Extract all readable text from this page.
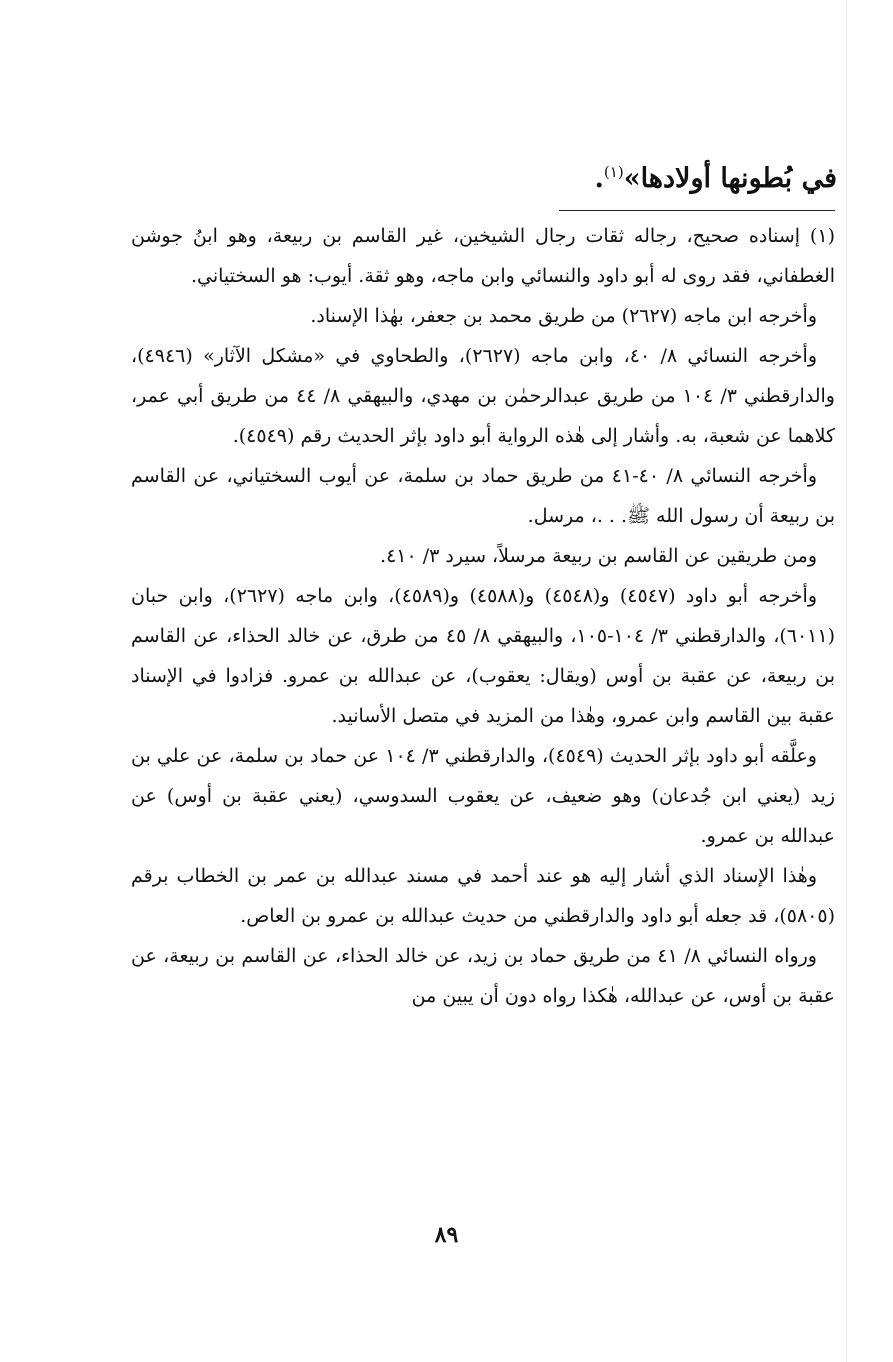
في بُطونها أولادها»$^{(١)}$.

(١) إسناده صحيح، رجاله ثقات رجال الشيخين، غير القاسم بن ربيعة، وهو ابنُ جوشن الغطفاني، فقد روى له أبو داود والنسائي وابن ماجه، وهو ثقة. أيوب: هو السختياني.

وأخرجه ابن ماجه (٢٦٢٧) من طريق محمد بن جعفر، بهٰذا الإسناد.

وأخرجه النسائي ٨/ ٤٠، وابن ماجه (٢٦٢٧)، والطحاوي في «مشكل الآثار» (٤٩٤٦)، والدارقطني ٣/ ١٠٤ من طريق عبدالرحمٰن بن مهدي، والبيهقي ٨/ ٤٤ من طريق أبي عمر، كلاهما عن شعبة، به. وأشار إلى هٰذه الرواية أبو داود بإثر الحديث رقم (٤٥٤٩).

وأخرجه النسائي ٨/ ٤٠-٤١ من طريق حماد بن سلمة، عن أيوب السختياني، عن القاسم بن ربيعة أن رسول الله ﷺ. . .، مرسل.

ومن طريقين عن القاسم بن ربيعة مرسلاً، سيرد ٣/ ٤١٠.

وأخرجه أبو داود (٤٥٤٧) و(٤٥٤٨) و(٤٥٨٨) و(٤٥٨٩)، وابن ماجه (٢٦٢٧)، وابن حبان (٦٠١١)، والدارقطني ٣/ ١٠٤-١٠٥، والبيهقي ٨/ ٤٥ من طرق، عن خالد الحذاء، عن القاسم بن ربيعة، عن عقبة بن أوس (ويقال: يعقوب)، عن عبدالله بن عمرو. فزادوا في الإسناد عقبة بين القاسم وابن عمرو، وهٰذا من المزيد في متصل الأسانيد.

وعلَّقه أبو داود بإثر الحديث (٤٥٤٩)، والدارقطني ٣/ ١٠٤ عن حماد بن سلمة، عن علي بن زيد (يعني ابن جُدعان) وهو ضعيف، عن يعقوب السدوسي، (يعني عقبة بن أوس) عن عبدالله بن عمرو.

وهٰذا الإسناد الذي أشار إليه هو عند أحمد في مسند عبدالله بن عمر بن الخطاب برقم (٥٨٠٥)، قد جعله أبو داود والدارقطني من حديث عبدالله بن عمرو بن العاص.

ورواه النسائي ٨/ ٤١ من طريق حماد بن زيد، عن خالد الحذاء، عن القاسم بن ربيعة، عن عقبة بن أوس، عن عبدالله، هٰكذا رواه دون أن يبين من

٨٩
